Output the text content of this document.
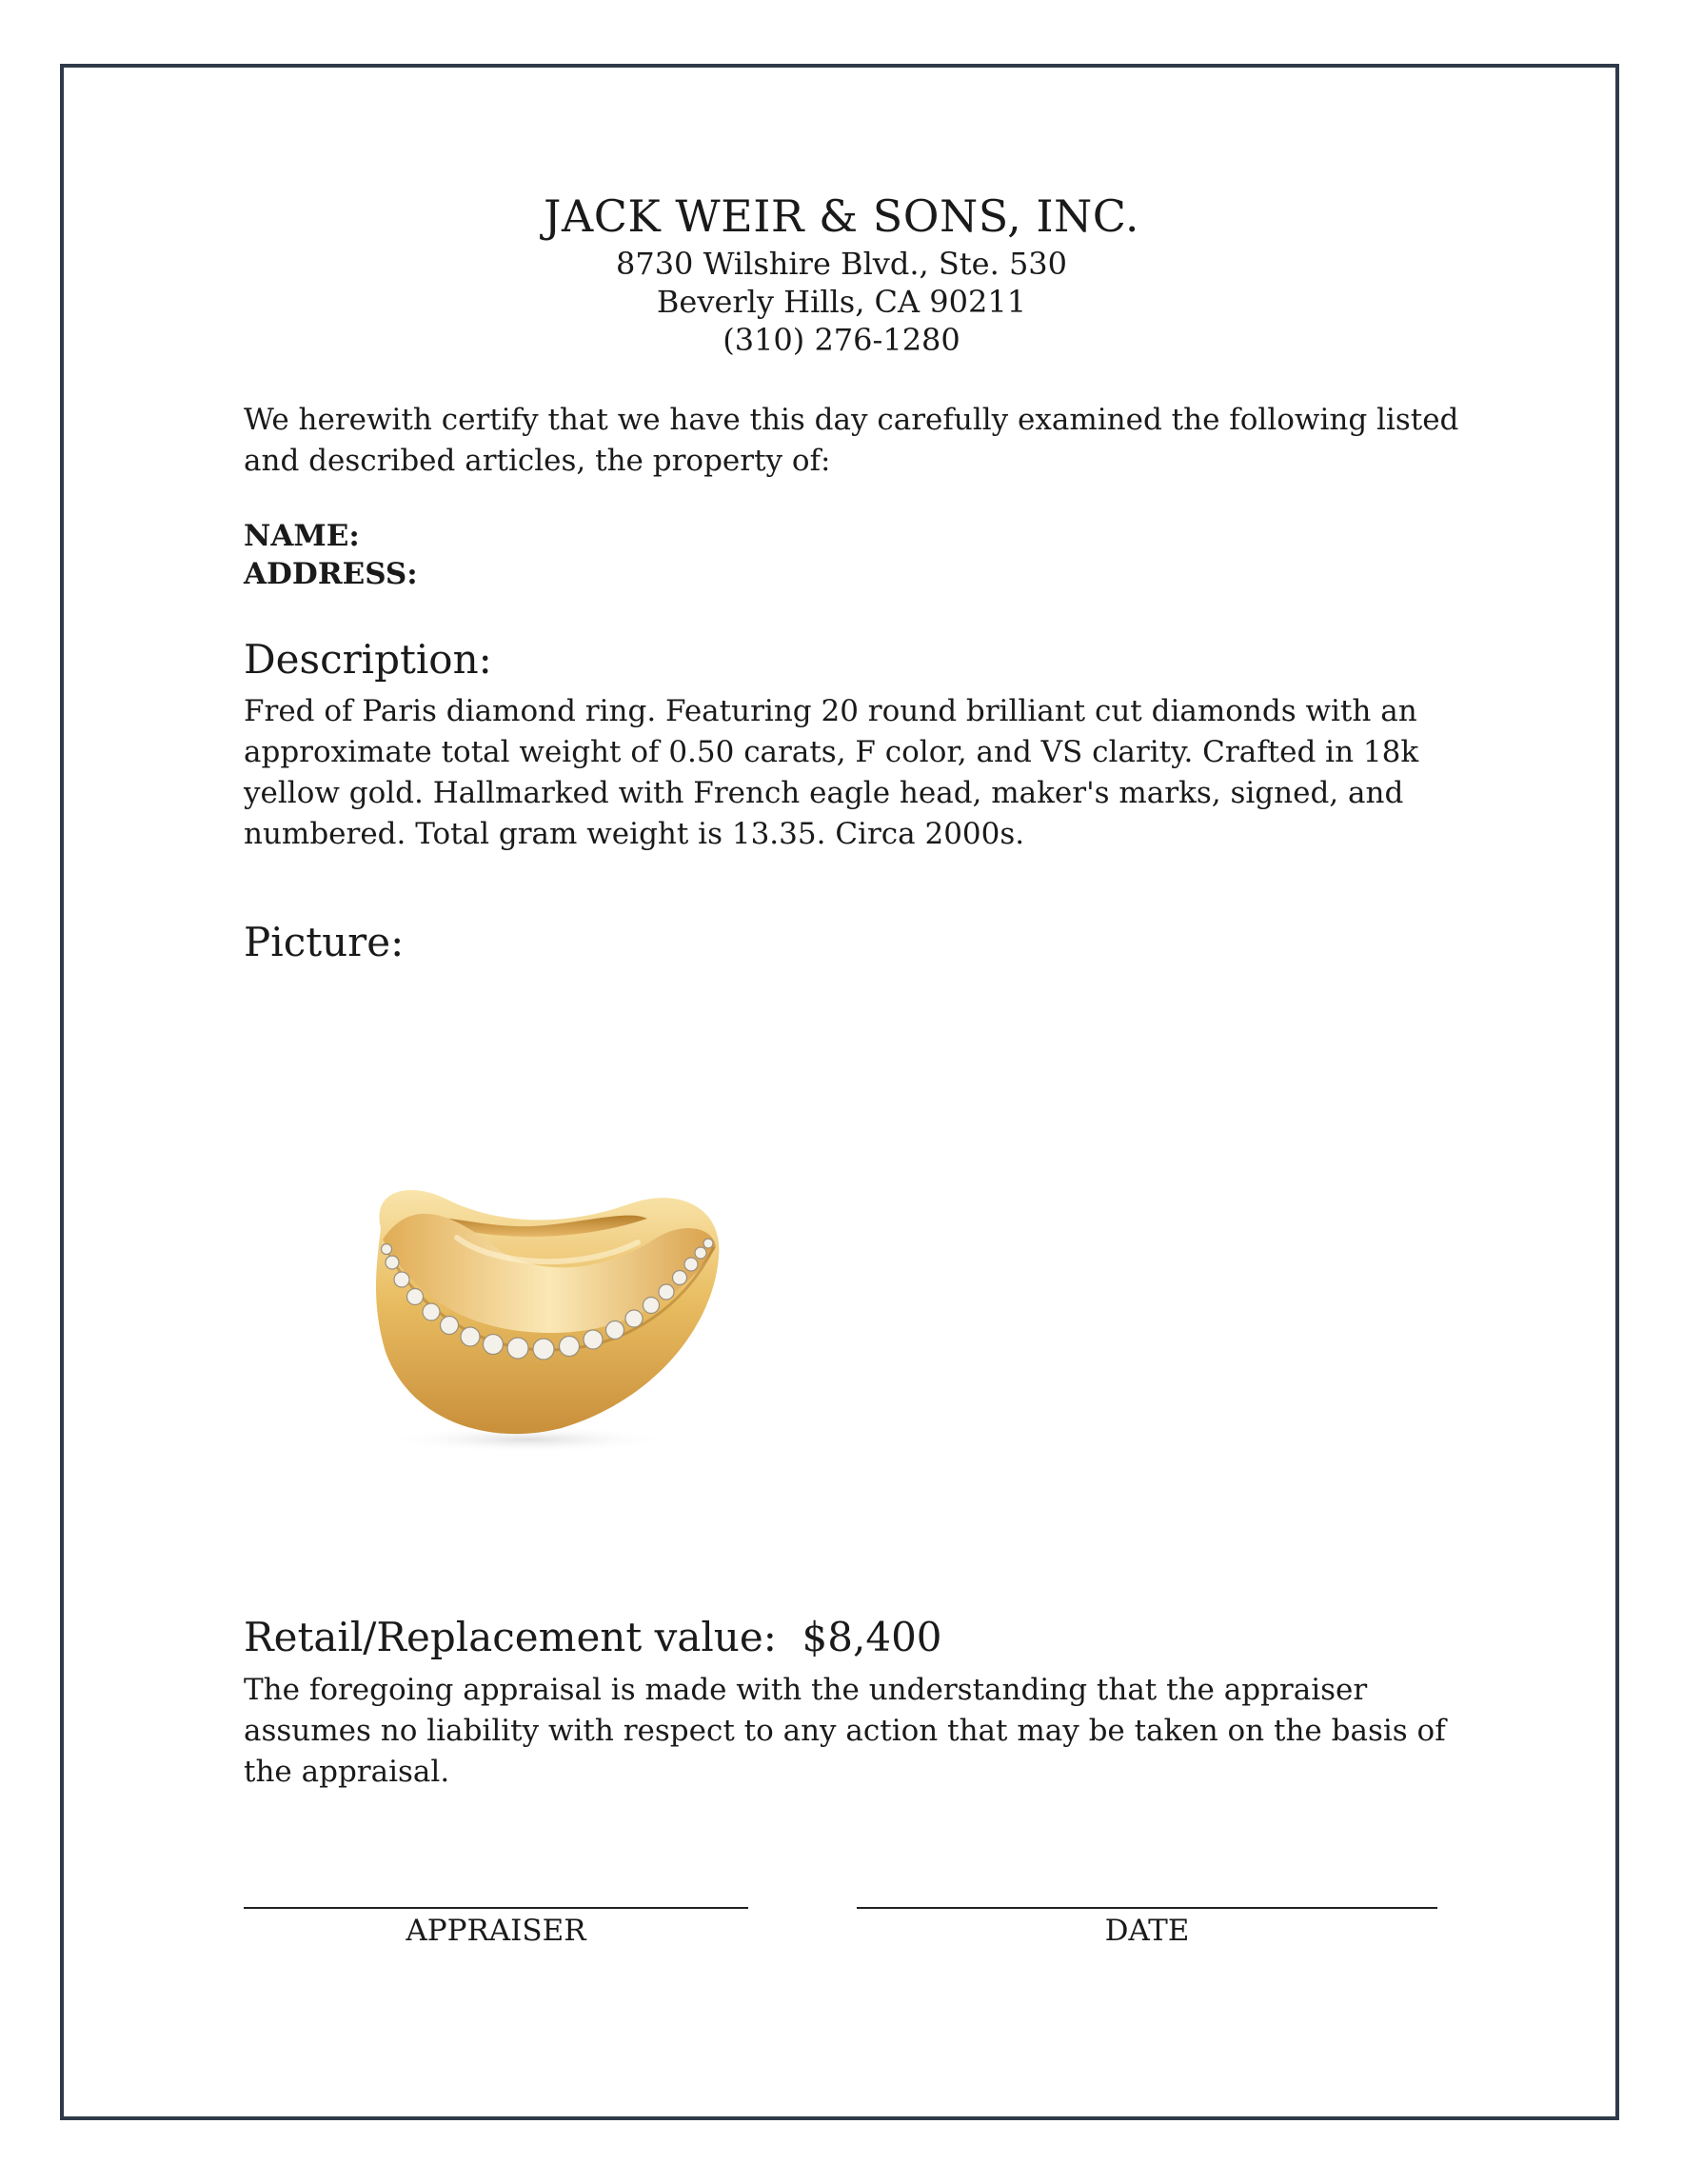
JACK WEIR & SONS, INC.
8730 Wilshire Blvd., Ste. 530
Beverly Hills, CA 90211
(310) 276-1280
We herewith certify that we have this day carefully examined the following listed and described articles, the property of:
NAME:
ADDRESS:
Description:
Fred of Paris diamond ring. Featuring 20 round brilliant cut diamonds with an approximate total weight of 0.50 carats, F color, and VS clarity. Crafted in 18k yellow gold. Hallmarked with French eagle head, maker's marks, signed, and numbered. Total gram weight is 13.35. Circa 2000s.
Picture:
Retail/Replacement value: $8,400
The foregoing appraisal is made with the understanding that the appraiser assumes no liability with respect to any action that may be taken on the basis of the appraisal.
APPRAISER	DATE
